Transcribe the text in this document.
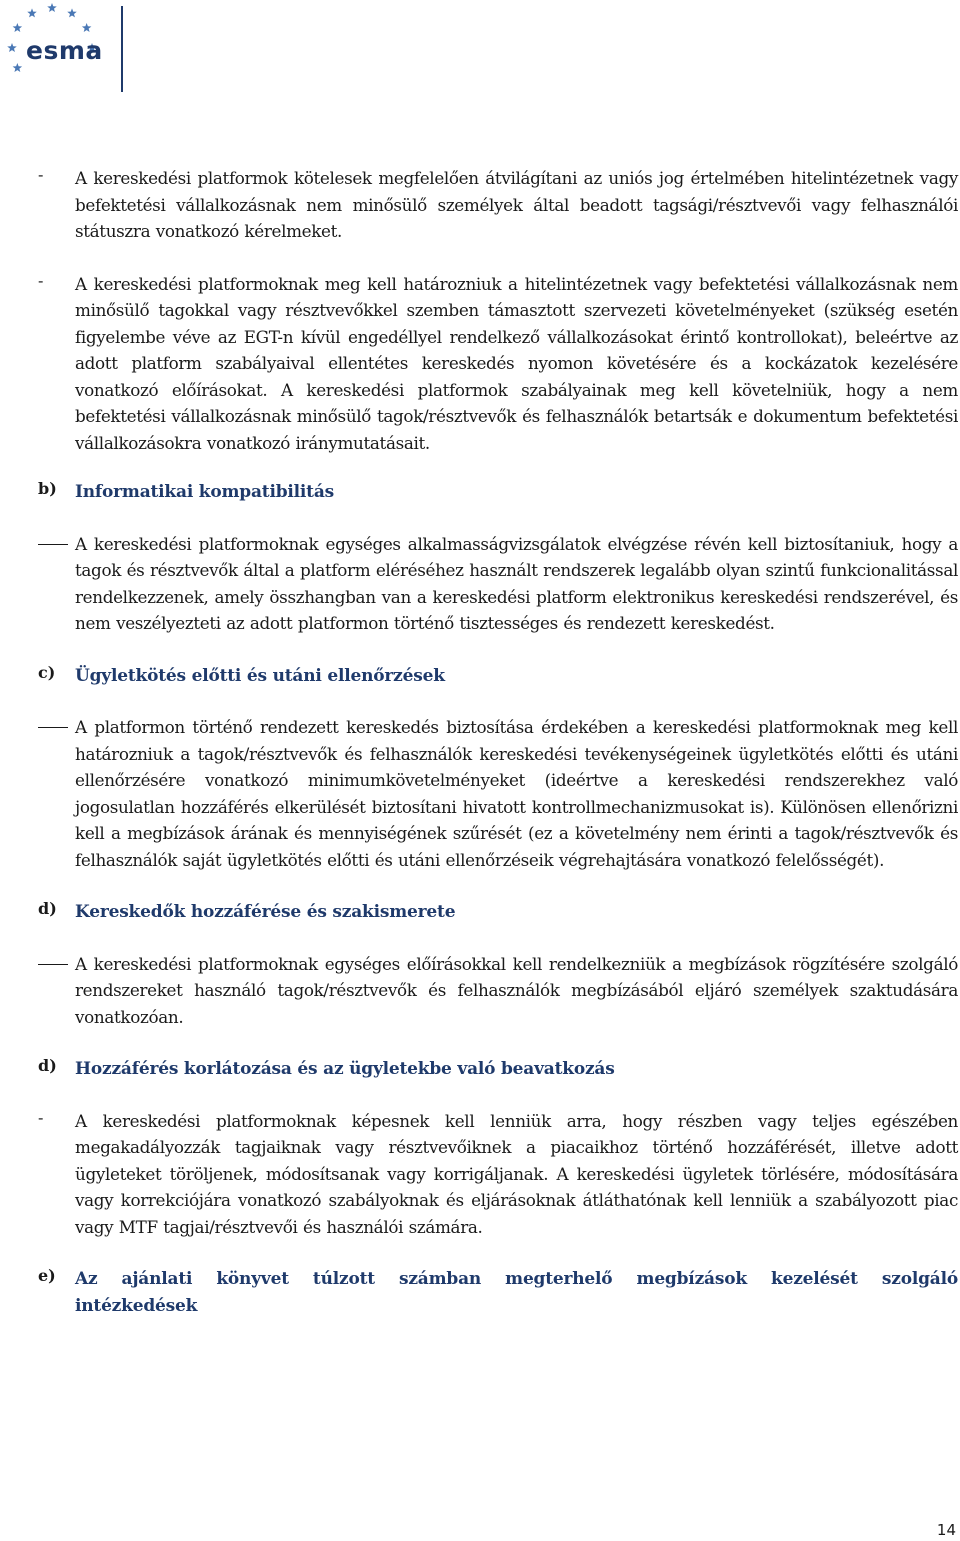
esma
- A kereskedési platformok kötelesek megfelelően átvilágítani az uniós jog értelmében hitelintézetnek vagy befektetési vállalkozásnak nem minősülő személyek által beadott tagsági/résztvevői vagy felhasználói státuszra vonatkozó kérelmeket.

- A kereskedési platformoknak meg kell határozniuk a hitelintézetnek vagy befektetési vállalkozásnak nem minősülő tagokkal vagy résztvevőkkel szemben támasztott szervezeti követelményeket (szükség esetén figyelembe véve az EGT-n kívül engedéllyel rendelkező vállalkozásokat érintő kontrollokat), beleértve az adott platform szabályaival ellentétes kereskedés nyomon követésére és a kockázatok kezelésére vonatkozó előírásokat. A kereskedési platformok szabályainak meg kell követelniük, hogy a nem befektetési vállalkozásnak minősülő tagok/résztvevők és felhasználók betartsák e dokumentum befektetési vállalkozásokra vonatkozó iránymutatásait.

b) Informatikai kompatibilitás

A kereskedési platformoknak egységes alkalmasságvizsgálatok elvégzése révén kell biztosítaniuk, hogy a tagok és résztvevők által a platform eléréséhez használt rendszerek legalább olyan szintű funkcionalitással rendelkezzenek, amely összhangban van a kereskedési platform elektronikus kereskedési rendszerével, és nem veszélyezteti az adott platformon történő tisztességes és rendezett kereskedést.

c) Ügyletkötés előtti és utáni ellenőrzések

A platformon történő rendezett kereskedés biztosítása érdekében a kereskedési platformoknak meg kell határozniuk a tagok/résztvevők és felhasználók kereskedési tevékenységeinek ügyletkötés előtti és utáni ellenőrzésére vonatkozó minimumkövetelményeket (ideértve a kereskedési rendszerekhez való jogosulatlan hozzáférés elkerülését biztosítani hivatott kontrollmechanizmusokat is). Különösen ellenőrizni kell a megbízások árának és mennyiségének szűrését (ez a követelmény nem érinti a tagok/résztvevők és felhasználók saját ügyletkötés előtti és utáni ellenőrzéseik végrehajtására vonatkozó felelősségét).

d) Kereskedők hozzáférése és szakismerete

A kereskedési platformoknak egységes előírásokkal kell rendelkezniük a megbízások rögzítésére szolgáló rendszereket használó tagok/résztvevők és felhasználók megbízásából eljáró személyek szaktudására vonatkozóan.

d) Hozzáférés korlátozása és az ügyletekbe való beavatkozás
- A kereskedési platformoknak képesnek kell lenniük arra, hogy részben vagy teljes egészében megakadályozzák tagjaiknak vagy résztvevőiknek a piacaikhoz történő hozzáférését, illetve adott ügyleteket töröljenek, módosítsanak vagy korrigáljanak. A kereskedési ügyletek törlésére, módosítására vagy korrekciójára vonatkozó szabályoknak és eljárásoknak átláthatónak kell lenniük a szabályozott piac vagy MTF tagjai/résztvevői és használói számára.

e) Az ajánlati könyvet túlzott számban megterhelő megbízások kezelését szolgáló intézkedések
14
